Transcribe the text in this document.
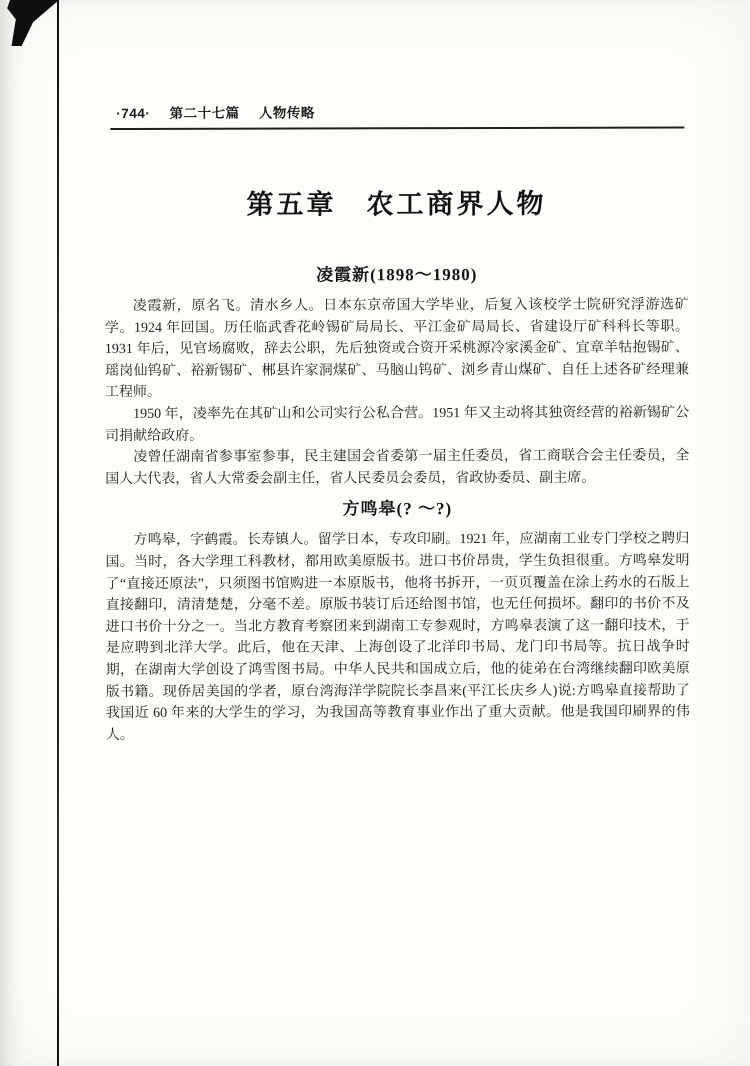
·744· 第二十七篇 人物传略
第五章　农工商界人物
凌霞新(1898～1980)

凌霞新，原名飞。清水乡人。日本东京帝国大学毕业，后复入该校学士院研究浮游选矿学。1924 年回国。历任临武香花岭锡矿局局长、平江金矿局局长、省建设厅矿科科长等职。1931 年后，见官场腐败，辞去公职，先后独资或合资开采桃源冷家溪金矿、宜章羊牯抱锡矿、瑶岗仙钨矿、裕新锡矿、郴县许家洞煤矿、马脑山钨矿、浏乡青山煤矿、自任上述各矿经理兼工程师。

1950 年，凌率先在其矿山和公司实行公私合营。1951 年又主动将其独资经营的裕新锡矿公司捐献给政府。

凌曾任湖南省参事室参事，民主建国会省委第一届主任委员，省工商联合会主任委员，全国人大代表，省人大常委会副主任，省人民委员会委员，省政协委员、副主席。

方鸣皋(? ～?)

方鸣皋，字鹤霞。长寿镇人。留学日本，专攻印刷。1921 年，应湖南工业专门学校之聘归国。当时，各大学理工科教材，都用欧美原版书。进口书价昂贵，学生负担很重。方鸣皋发明了“直接还原法”，只须图书馆购进一本原版书，他将书拆开，一页页覆盖在涂上药水的石版上直接翻印，清清楚楚，分毫不差。原版书装订后还给图书馆，也无任何损坏。翻印的书价不及进口书价十分之一。当北方教育考察团来到湖南工专参观时，方鸣皋表演了这一翻印技术，于是应聘到北洋大学。此后，他在天津、上海创设了北洋印书局、龙门印书局等。抗日战争时期，在湖南大学创设了鸿雪图书局。中华人民共和国成立后，他的徒弟在台湾继续翻印欧美原版书籍。现侨居美国的学者，原台湾海洋学院院长李昌来(平江长庆乡人)说:方鸣皋直接帮助了我国近 60 年来的大学生的学习，为我国高等教育事业作出了重大贡献。他是我国印刷界的伟人。
